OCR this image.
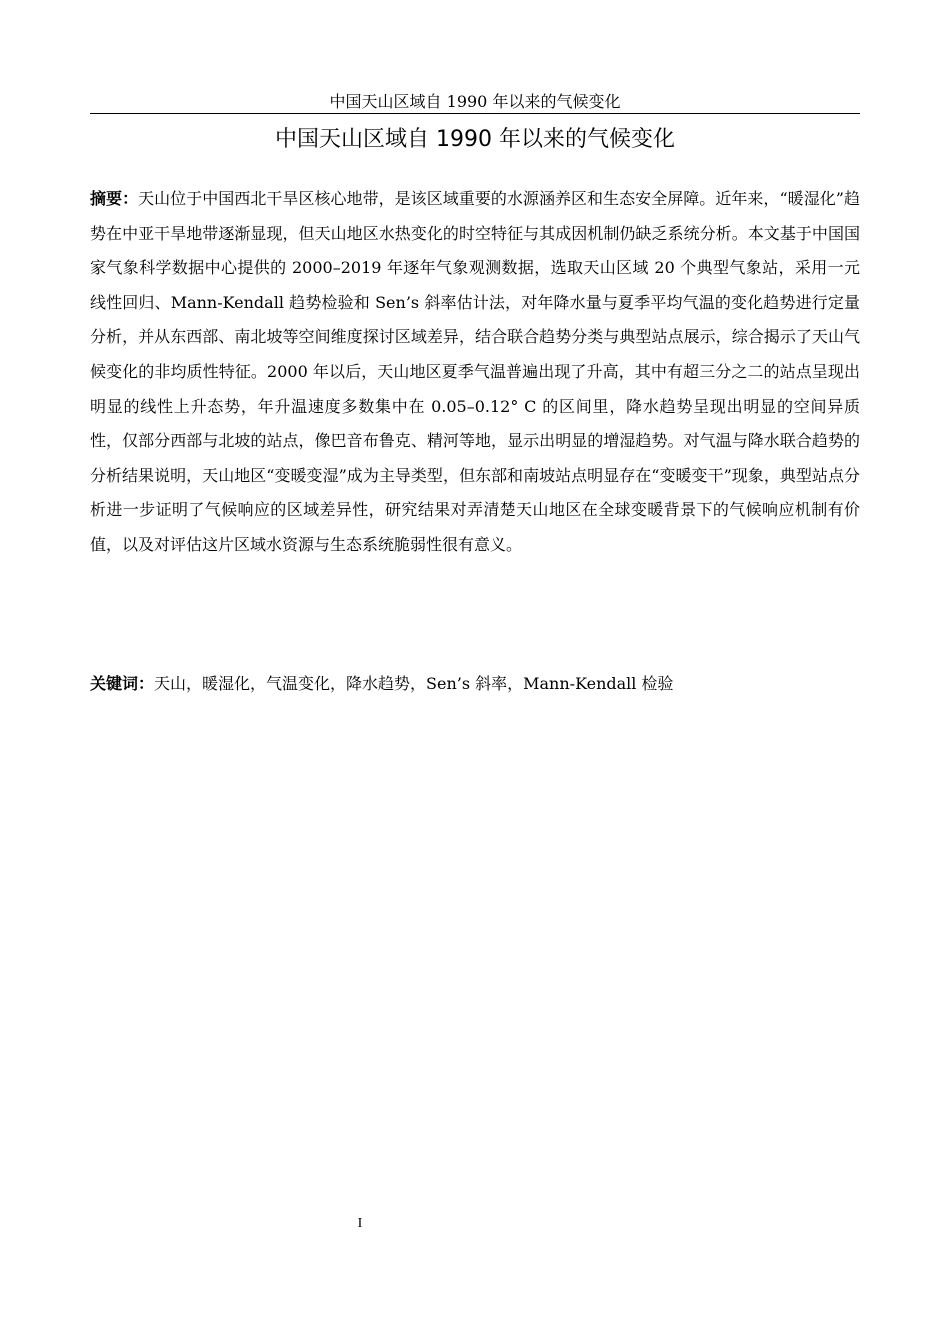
中国天山区域自 1990 年以来的气候变化
中国天山区域自 1990 年以来的气候变化

摘要：天山位于中国西北干旱区核心地带，是该区域重要的水源涵养区和生态安全屏障。近年来，“暖湿化”趋势在中亚干旱地带逐渐显现，但天山地区水热变化的时空特征与其成因机制仍缺乏系统分析。本文基于中国国家气象科学数据中心提供的 2000–2019 年逐年气象观测数据，选取天山区域 20 个典型气象站，采用一元线性回归、Mann-Kendall 趋势检验和 Sen’s 斜率估计法，对年降水量与夏季平均气温的变化趋势进行定量分析，并从东西部、南北坡等空间维度探讨区域差异，结合联合趋势分类与典型站点展示，综合揭示了天山气候变化的非均质性特征。2000 年以后，天山地区夏季气温普遍出现了升高，其中有超三分之二的站点呈现出明显的线性上升态势，年升温速度多数集中在 0.05–0.12° C 的区间里，降水趋势呈现出明显的空间异质性，仅部分西部与北坡的站点，像巴音布鲁克、精河等地，显示出明显的增湿趋势。对气温与降水联合趋势的分析结果说明，天山地区“变暖变湿”成为主导类型，但东部和南坡站点明显存在“变暖变干”现象，典型站点分析进一步证明了气候响应的区域差异性，研究结果对弄清楚天山地区在全球变暖背景下的气候响应机制有价值，以及对评估这片区域水资源与生态系统脆弱性很有意义。

关键词：天山，暖湿化，气温变化，降水趋势，Sen’s 斜率，Mann-Kendall 检验

I
